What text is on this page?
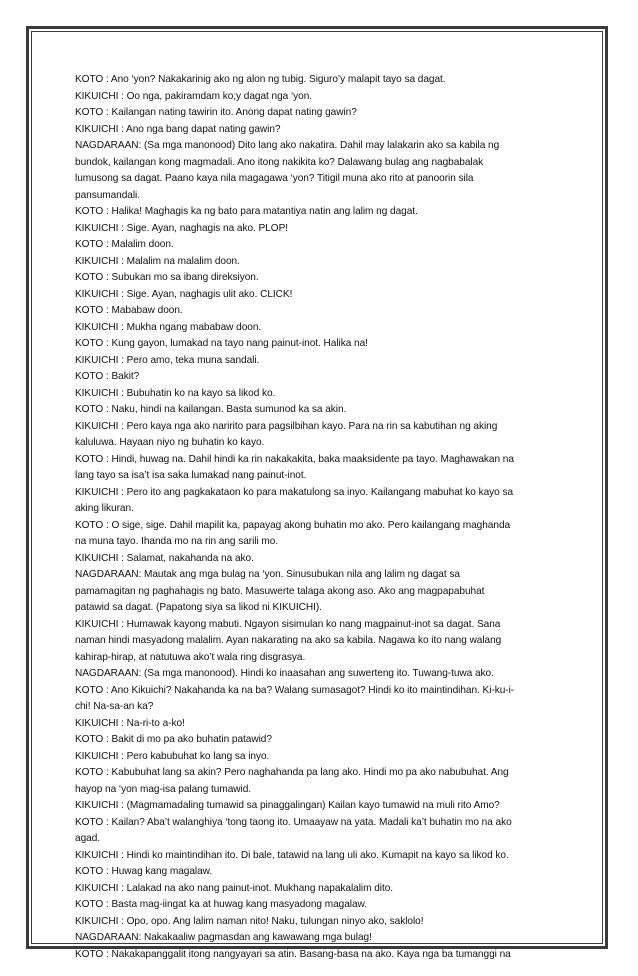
KOTO : Ano ‘yon? Nakakarinig ako ng alon ng tubig. Siguro’y malapit tayo sa dagat.
KIKUICHI : Oo nga, pakiramdam ko;y dagat nga ‘yon.
KOTO : Kailangan nating tawirin ito. Anong dapat nating gawin?
KIKUICHI : Ano nga bang dapat nating gawin?
NAGDARAAN: (Sa mga manonood) Dito lang ako nakatira. Dahil may lalakarin ako sa kabila ng
bundok, kailangan kong magmadali. Ano itong nakikita ko? Dalawang bulag ang nagbabalak
lumusong sa dagat. Paano kaya nila magagawa ‘yon? Titigil muna ako rito at panoorin sila
pansumandali.
KOTO : Halika! Maghagis ka ng bato para matantiya natin ang lalim ng dagat.
KIKUICHI : Sige. Ayan, naghagis na ako. PLOP!
KOTO : Malalim doon.
KIKUICHI : Malalim na malalim doon.
KOTO : Subukan mo sa ibang direksiyon.
KIKUICHI : Sige. Ayan, naghagis ulit ako. CLICK!
KOTO : Mababaw doon.
KIKUICHI : Mukha ngang mababaw doon.
KOTO : Kung gayon, lumakad na tayo nang painut-inot. Halika na!
KIKUICHI : Pero amo, teka muna sandali.
KOTO : Bakit?
KIKUICHI : Bubuhatin ko na kayo sa likod ko.
KOTO : Naku, hindi na kailangan. Basta sumunod ka sa akin.
KIKUICHI : Pero kaya nga ako naririto para pagsilbihan kayo. Para na rin sa kabutihan ng aking
kaluluwa. Hayaan niyo ng buhatin ko kayo.
KOTO : Hindi, huwag na. Dahil hindi ka rin nakakakita, baka maaksidente pa tayo. Maghawakan na
lang tayo sa isa’t isa saka lumakad nang painut-inot.
KIKUICHI : Pero ito ang pagkakataon ko para makatulong sa inyo. Kailangang mabuhat ko kayo sa
aking likuran.
KOTO : O sige, sige. Dahil mapilit ka, papayag akong buhatin mo ako. Pero kailangang maghanda
na muna tayo. Ihanda mo na rin ang sarili mo.
KIKUICHI : Salamat, nakahanda na ako.
NAGDARAAN: Mautak ang mga bulag na ‘yon. Sinusubukan nila ang lalim ng dagat sa
pamamagitan ng paghahagis ng bato. Masuwerte talaga akong aso. Ako ang magpapabuhat
patawid sa dagat. (Papatong siya sa likod ni KIKUICHI).
KIKUICHI : Humawak kayong mabuti. Ngayon sisimulan ko nang magpainut-inot sa dagat. Sana
naman hindi masyadong malalim. Ayan nakarating na ako sa kabila. Nagawa ko ito nang walang
kahirap-hirap, at natutuwa ako’t wala ring disgrasya.
NAGDARAAN: (Sa mga manonood). Hindi ko inaasahan ang suwerteng ito. Tuwang-tuwa ako.
KOTO : Ano Kikuichi? Nakahanda ka na ba? Walang sumasagot? Hindi ko ito maintindihan. Ki-ku-i-
chi! Na-sa-an ka?
KIKUICHI : Na-ri-to a-ko!
KOTO : Bakit di mo pa ako buhatin patawid?
KIKUICHI : Pero kabubuhat ko lang sa inyo.
KOTO : Kabubuhat lang sa akin? Pero naghahanda pa lang ako. Hindi mo pa ako nabubuhat. Ang
hayop na ‘yon mag-isa palang tumawid.
KIKUICHI : (Magmamadaling tumawid sa pinaggalingan) Kailan kayo tumawid na muli rito Amo?
KOTO : Kailan? Aba’t walanghiya ‘tong taong ito. Umaayaw na yata. Madali ka’t buhatin mo na ako
agad.
KIKUICHI : Hindi ko maintindihan ito. Di bale, tatawid na lang uli ako. Kumapit na kayo sa likod ko.
KOTO : Huwag kang magalaw.
KIKUICHI : Lalakad na ako nang painut-inot. Mukhang napakalalim dito.
KOTO : Basta mag-iingat ka at huwag kang masyadong magalaw.
KIKUICHI : Opo, opo. Ang lalim naman nito! Naku, tulungan ninyo ako, saklolo!
NAGDARAAN: Nakakaaliw pagmasdan ang kawawang mga bulag!
KOTO : Nakakapanggalit itong nangyayari sa atin. Basang-basa na ako. Kaya nga ba tumanggi na
